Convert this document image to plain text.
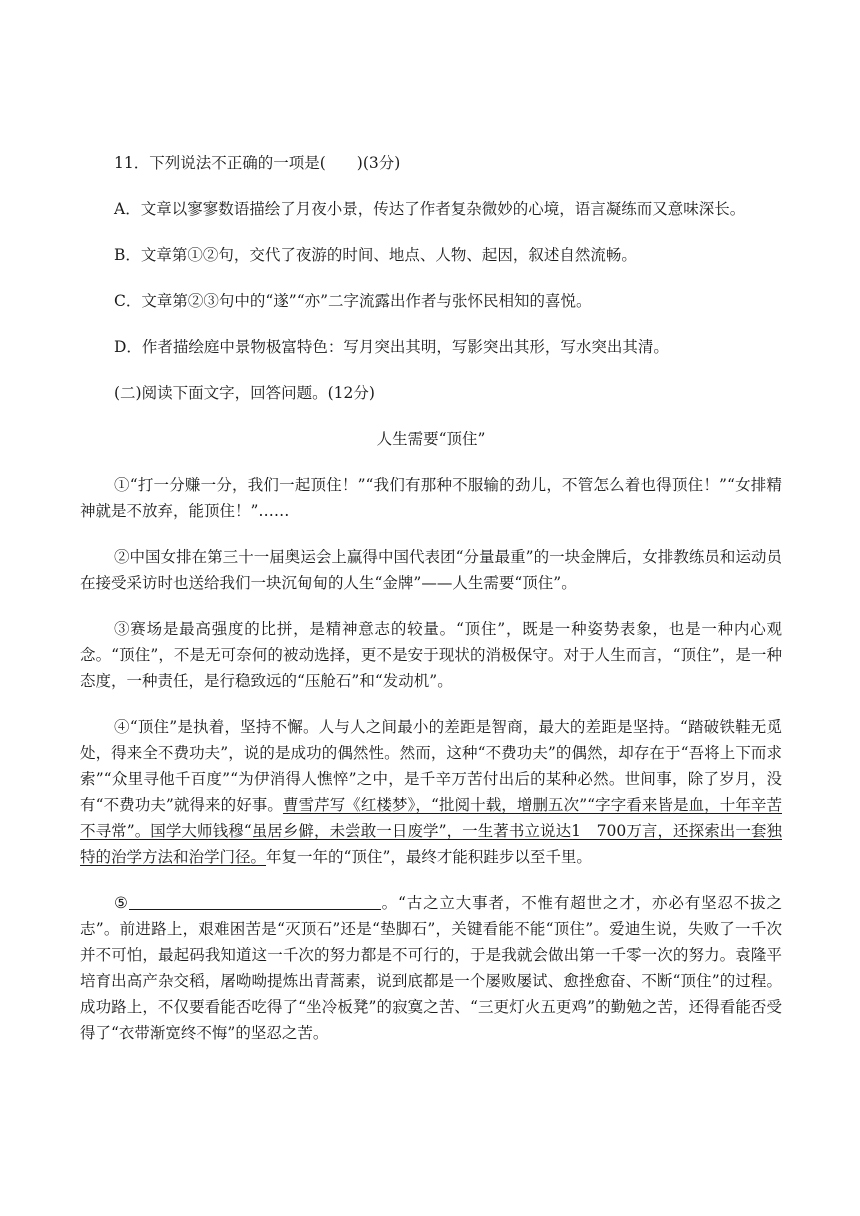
11．下列说法不正确的一项是(　　)(3分)

A．文章以寥寥数语描绘了月夜小景，传达了作者复杂微妙的心境，语言凝练而又意味深长。

B．文章第①②句，交代了夜游的时间、地点、人物、起因，叙述自然流畅。

C．文章第②③句中的“遂”“亦”二字流露出作者与张怀民相知的喜悦。

D．作者描绘庭中景物极富特色：写月突出其明，写影突出其形，写水突出其清。

(二)阅读下面文字，回答问题。(12分)

人生需要“顶住”

①“打一分赚一分，我们一起顶住！”“我们有那种不服输的劲儿，不管怎么着也得顶住！”“女排精神就是不放弃，能顶住！”……

②中国女排在第三十一届奥运会上赢得中国代表团“分量最重”的一块金牌后，女排教练员和运动员在接受采访时也送给我们一块沉甸甸的人生“金牌”——人生需要“顶住”。

③赛场是最高强度的比拼，是精神意志的较量。“顶住”，既是一种姿势表象，也是一种内心观念。“顶住”，不是无可奈何的被动选择，更不是安于现状的消极保守。对于人生而言，“顶住”，是一种态度，一种责任，是行稳致远的“压舱石”和“发动机”。

④“顶住”是执着，坚持不懈。人与人之间最小的差距是智商，最大的差距是坚持。“踏破铁鞋无觅处，得来全不费功夫”，说的是成功的偶然性。然而，这种“不费功夫”的偶然，却存在于“吾将上下而求索”“众里寻他千百度”“为伊消得人憔悴”之中，是千辛万苦付出后的某种必然。世间事，除了岁月，没有“不费功夫”就得来的好事。曹雪芹写《红楼梦》，“批阅十载，增删五次”“字字看来皆是血，十年辛苦不寻常”。国学大师钱穆“虽居乡僻，未尝敢一日废学”，一生著书立说达1　700万言，还探索出一套独特的治学方法和治学门径。年复一年的“顶住”，最终才能积跬步以至千里。

⑤	。“古之立大事者，不惟有超世之才，亦必有坚忍不拔之志”。前进路上，艰难困苦是“灭顶石”还是“垫脚石”，关键看能不能“顶住”。爱迪生说，失败了一千次并不可怕，最起码我知道这一千次的努力都是不可行的，于是我就会做出第一千零一次的努力。袁隆平培育出高产杂交稻，屠呦呦提炼出青蒿素，说到底都是一个屡败屡试、愈挫愈奋、不断“顶住”的过程。成功路上，不仅要看能否吃得了“坐冷板凳”的寂寞之苦、“三更灯火五更鸡”的勤勉之苦，还得看能否受得了“衣带渐宽终不悔”的坚忍之苦。
